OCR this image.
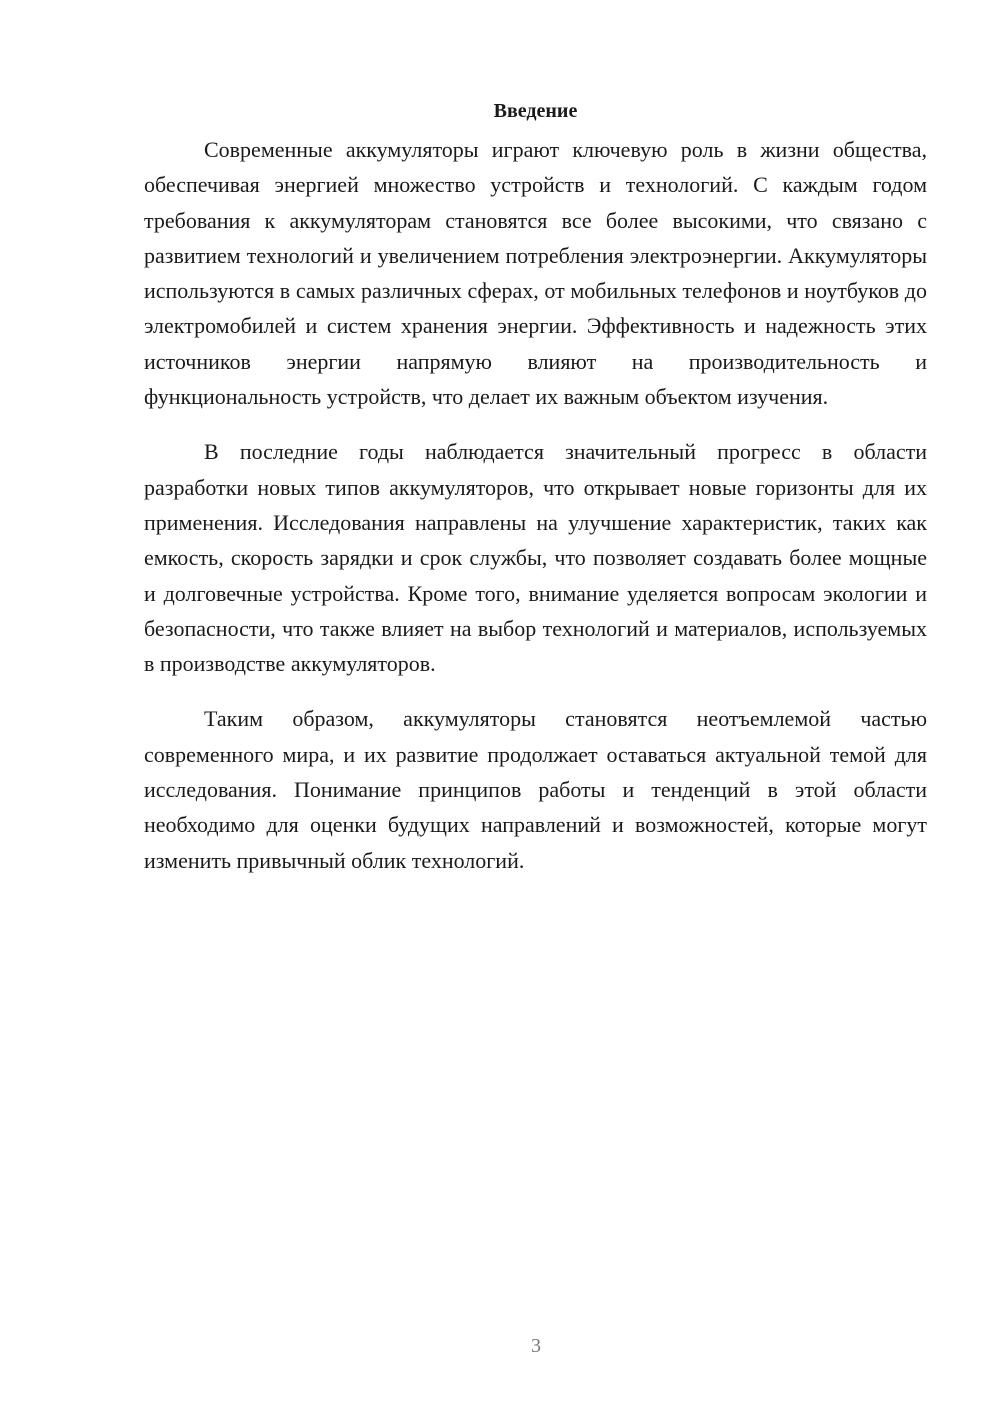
Введение

Современные аккумуляторы играют ключевую роль в жизни общества, обеспечивая энергией множество устройств и технологий. С каждым годом требования к аккумуляторам становятся все более высокими, что связано с развитием технологий и увеличением потребления электроэнергии. Аккумуляторы используются в самых различных сферах, от мобильных телефонов и ноутбуков до электромобилей и систем хранения энергии. Эффективность и надежность этих источников энергии напрямую влияют на производительность и функциональность устройств, что делает их важным объектом изучения.

В последние годы наблюдается значительный прогресс в области разработки новых типов аккумуляторов, что открывает новые горизонты для их применения. Исследования направлены на улучшение характеристик, таких как емкость, скорость зарядки и срок службы, что позволяет создавать более мощные и долговечные устройства. Кроме того, внимание уделяется вопросам экологии и безопасности, что также влияет на выбор технологий и материалов, используемых в производстве аккумуляторов.

Таким образом, аккумуляторы становятся неотъемлемой частью современного мира, и их развитие продолжает оставаться актуальной темой для исследования. Понимание принципов работы и тенденций в этой области необходимо для оценки будущих направлений и возможностей, которые могут изменить привычный облик технологий.

3
